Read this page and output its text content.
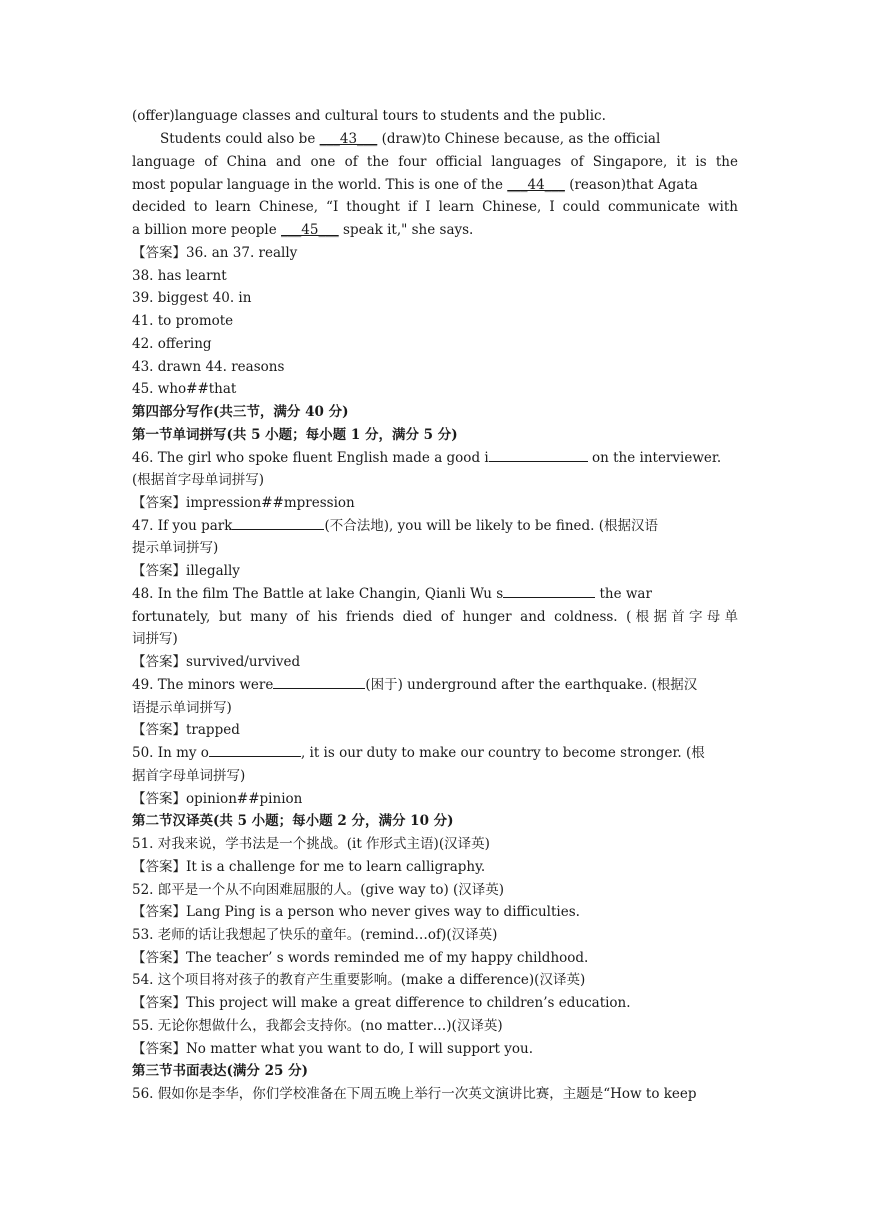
(offer)language classes and cultural tours to students and the public.
Students could also be ___43___ (draw)to Chinese because, as the official
language of China and one of the four official languages of Singapore, it is the
most popular language in the world. This is one of the ___44___ (reason)that Agata
decided to learn Chinese, “I thought if I learn Chinese, I could communicate with
a billion more people ___45___ speak it," she says.
【答案】36. an 37. really
38. has learnt
39. biggest 40. in
41. to promote
42. offering
43. drawn 44. reasons
45. who##that
第四部分写作(共三节，满分 40 分)
第一节单词拼写(共 5 小题；每小题 1 分，满分 5 分)
46. The girl who spoke fluent English made a good i	on the interviewer.
(根据首字母单词拼写)
【答案】impression##mpression
47. If you park	(不合法地), you will be likely to be fined. (根据汉语
提示单词拼写)
【答案】illegally
48. In the film The Battle at lake Changin, Qianli Wu s	the war
fortunately, but many of his friends died of hunger and coldness. (根据首字母单
词拼写)
【答案】survived/urvived
49. The minors were	(困于) underground after the earthquake. (根据汉
语提示单词拼写)
【答案】trapped
50. In my o	, it is our duty to make our country to become stronger. (根
据首字母单词拼写)
【答案】opinion##pinion
第二节汉译英(共 5 小题；每小题 2 分，满分 10 分)
51. 对我来说，学书法是一个挑战。(it 作形式主语)(汉译英)
【答案】It is a challenge for me to learn calligraphy.
52. 郎平是一个从不向困难屈服的人。(give way to) (汉译英)
【答案】Lang Ping is a person who never gives way to difficulties.
53. 老师的话让我想起了快乐的童年。(remind…of)(汉译英)
【答案】The teacher’ s words reminded me of my happy childhood.
54. 这个项目将对孩子的教育产生重要影响。(make a difference)(汉译英)
【答案】This project will make a great difference to children’s education.
55. 无论你想做什么，我都会支持你。(no matter…)(汉译英)
【答案】No matter what you want to do, I will support you.
第三节书面表达(满分 25 分)
56. 假如你是李华，你们学校准备在下周五晚上举行一次英文演讲比赛，主题是“How to keep
